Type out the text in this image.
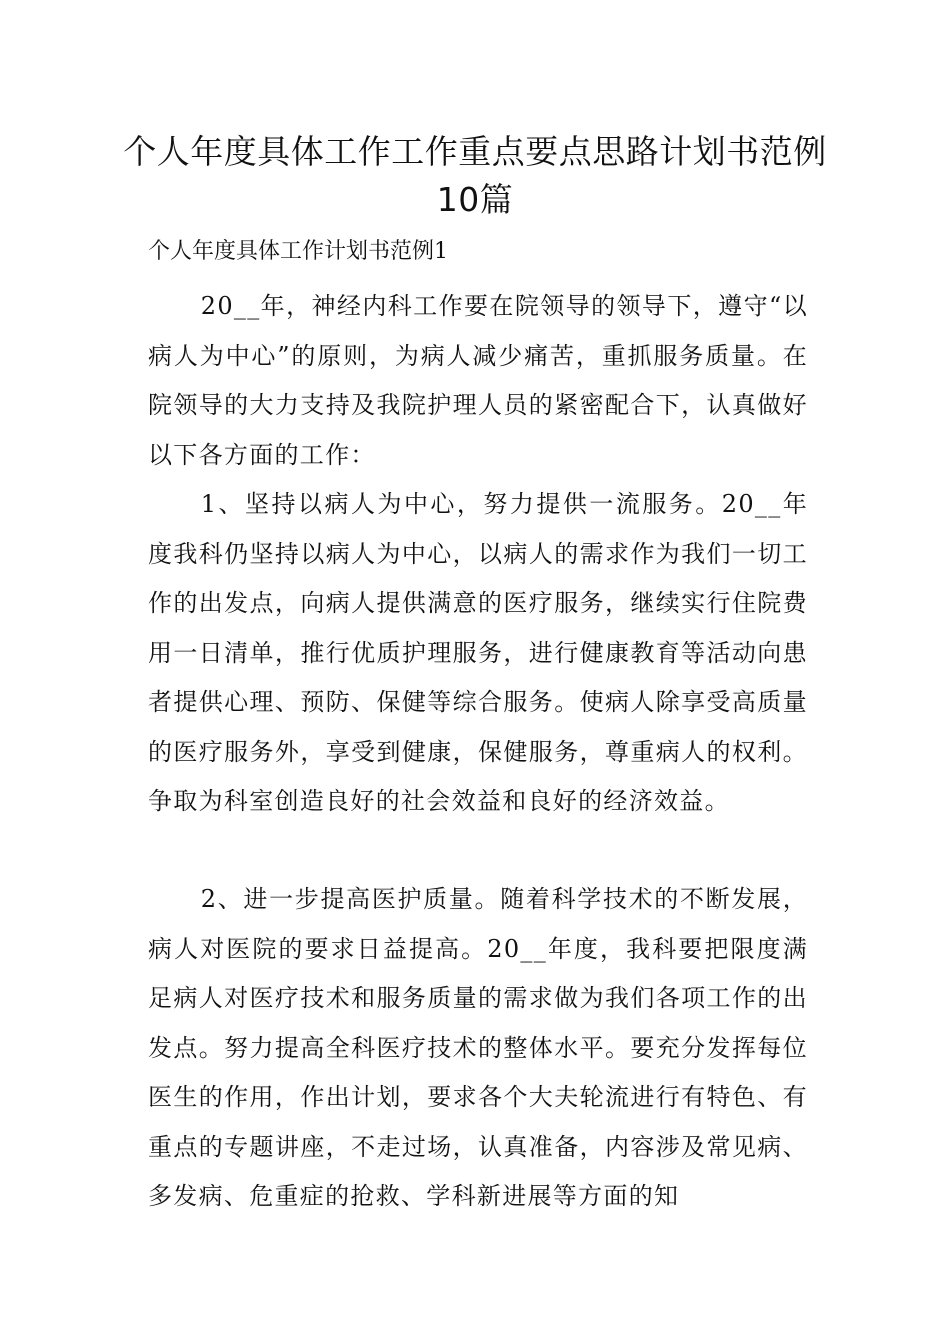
个人年度具体工作工作重点要点思路计划书范例10篇

个人年度具体工作计划书范例1

20__年，神经内科工作要在院领导的领导下，遵守“以病人为中心”的原则，为病人减少痛苦，重抓服务质量。在院领导的大力支持及我院护理人员的紧密配合下，认真做好以下各方面的工作：

1、坚持以病人为中心，努力提供一流服务。20__年度我科仍坚持以病人为中心，以病人的需求作为我们一切工作的出发点，向病人提供满意的医疗服务，继续实行住院费用一日清单，推行优质护理服务，进行健康教育等活动向患者提供心理、预防、保健等综合服务。使病人除享受高质量的医疗服务外，享受到健康，保健服务，尊重病人的权利。争取为科室创造良好的社会效益和良好的经济效益。

2、进一步提高医护质量。随着科学技术的不断发展，病人对医院的要求日益提高。20__年度，我科要把限度满足病人对医疗技术和服务质量的需求做为我们各项工作的出发点。努力提高全科医疗技术的整体水平。要充分发挥每位医生的作用，作出计划，要求各个大夫轮流进行有特色、有重点的专题讲座，不走过场，认真准备，内容涉及常见病、多发病、危重症的抢救、学科新进展等方面的知
